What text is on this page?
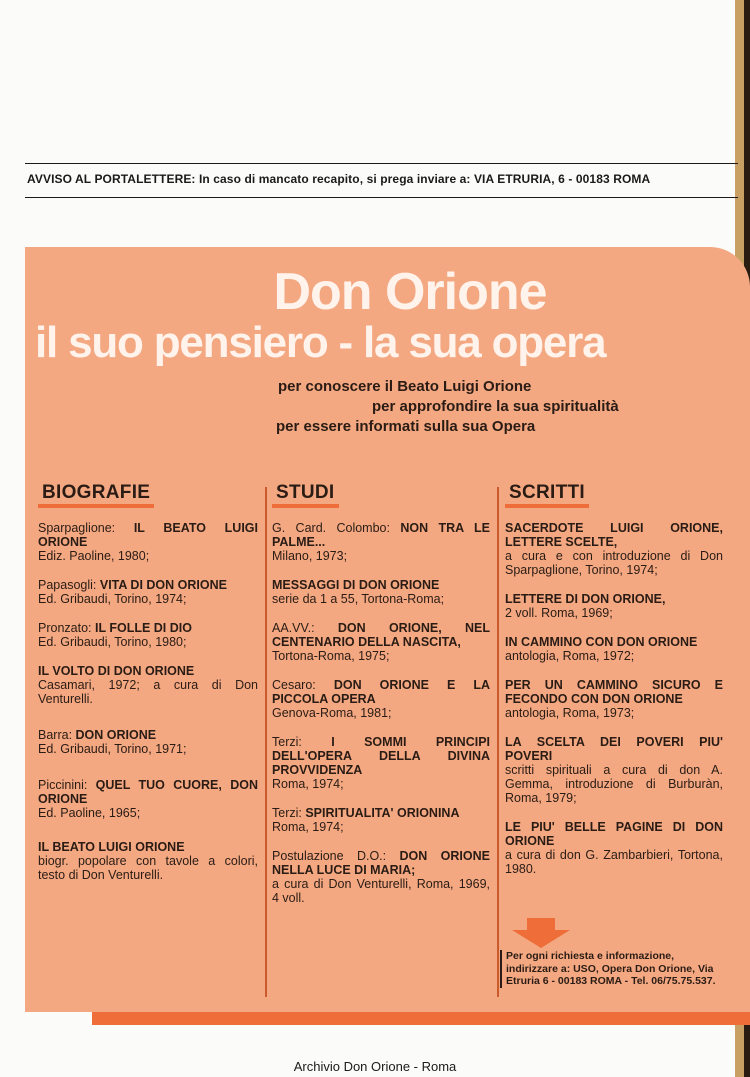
AVVISO AL PORTALETTERE: In caso di mancato recapito, si prega inviare a: VIA ETRURIA, 6 - 00183 ROMA
Don Orione
il suo pensiero - la sua opera
per conoscere il Beato Luigi Orione
per approfondire la sua spiritualità
per essere informati sulla sua Opera
BIOGRAFIE
Sparpaglione: IL BEATO LUIGI ORIONE
Ediz. Paoline, 1980;
Papasogli: VITA DI DON ORIONE
Ed. Gribaudi, Torino, 1974;
Pronzato: IL FOLLE DI DIO
Ed. Gribaudi, Torino, 1980;
IL VOLTO DI DON ORIONE
Casamari, 1972; a cura di Don Venturelli.
Barra: DON ORIONE
Ed. Gribaudi, Torino, 1971;
Piccinini: QUEL TUO CUORE, DON ORIONE
Ed. Paoline, 1965;
IL BEATO LUIGI ORIONE
biogr. popolare con tavole a colori, testo di Don Venturelli.
STUDI
G. Card. Colombo: NON TRA LE PALME...
Milano, 1973;
MESSAGGI DI DON ORIONE
serie da 1 a 55, Tortona-Roma;
AA.VV.: DON ORIONE, NEL CENTENARIO DELLA NASCITA,
Tortona-Roma, 1975;
Cesaro: DON ORIONE E LA PICCOLA OPERA
Genova-Roma, 1981;
Terzi: I SOMMI PRINCIPI DELL'OPERA DELLA DIVINA PROVVIDENZA
Roma, 1974;
Terzi: SPIRITUALITA' ORIONINA
Roma, 1974;
Postulazione D.O.: DON ORIONE NELLA LUCE DI MARIA;
a cura di Don Venturelli, Roma, 1969, 4 voll.
SCRITTI
SACERDOTE LUIGI ORIONE, LETTERE SCELTE,
a cura e con introduzione di Don Sparpaglione, Torino, 1974;
LETTERE DI DON ORIONE,
2 voll. Roma, 1969;
IN CAMMINO CON DON ORIONE
antologia, Roma, 1972;
PER UN CAMMINO SICURO E FECONDO CON DON ORIONE
antologia, Roma, 1973;
LA SCELTA DEI POVERI PIU' POVERI
scritti spirituali a cura di don A. Gemma, introduzione di Burburàn, Roma, 1979;
LE PIU' BELLE PAGINE DI DON ORIONE
a cura di don G. Zambarbieri, Tortona, 1980.
Per ogni richiesta e informazione, indirizzare a: USO, Opera Don Orione, Via Etruria 6 - 00183 ROMA - Tel. 06/75.75.537.
Archivio Don Orione - Roma
